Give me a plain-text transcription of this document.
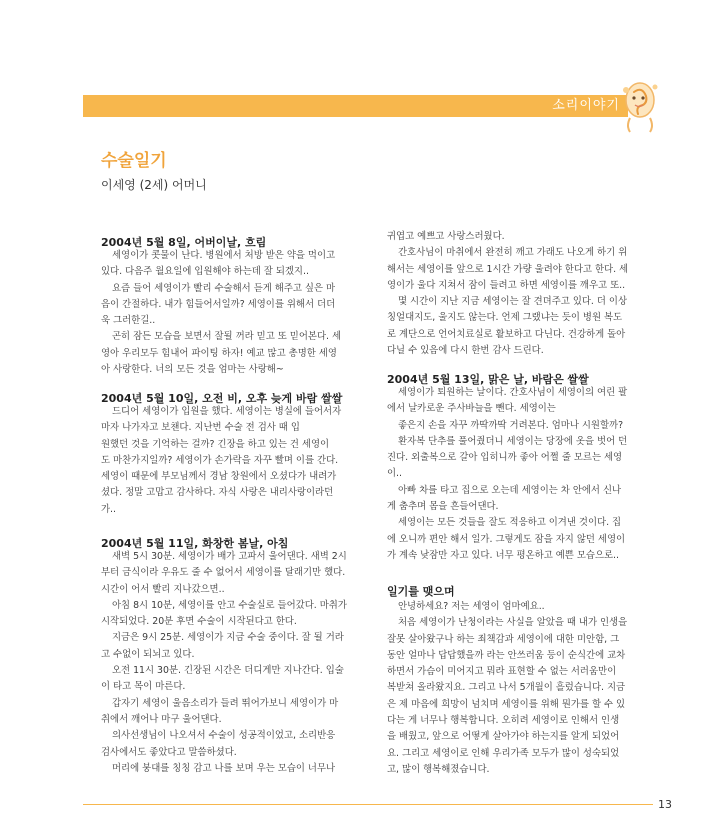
소리이야기
수술일기
이세영 (2세) 어머니
2004년 5월 8일, 어버이날, 흐림
세영이가 콧물이 난다. 병원에서 처방 받은 약을 먹이고
있다. 다음주 월요일에 입원해야 하는데 잘 되겠지..
요즘 들어 세영이가 빨리 수술해서 듣게 해주고 싶은 마
음이 간절하다. 내가 힘들어서일까? 세영이를 위해서 더더
욱 그러한길..
곤히 잠든 모습을 보면서 잘될 꺼라 믿고 또 믿어본다. 세
영아 우리모두 힘내어 파이팅 하자! 예교 많고 총명한 세영
아 사랑한다. 너의 모든 것을 엄마는 사랑해~
2004년 5월 10일, 오전 비, 오후 늦게 바람 쌀쌀
드디어 세영이가 입원을 했다. 세영이는 병실에 들어서자
마자 나가자고 보챈다. 지난번 수술 전 검사 때 입
원했던 것을 기억하는 걸까? 긴장을 하고 있는 건 세영이
도 마찬가지일까? 세영이가 손가락을 자꾸 빨며 이를 간다.
세영이 때문에 부모님께서 경남 창원에서 오셨다가 내려가
셨다. 정말 고맙고 감사하다. 자식 사랑은 내리사랑이라던
가..
2004년 5월 11일, 화창한 봄날, 아침
새벽 5시 30분. 세영이가 배가 고파서 울어댄다. 새벽 2시
부터 금식이라 우유도 줄 수 없어서 세영이를 달래기만 했다.
시간이 어서 빨리 지나갔으면..
아침 8시 10분, 세영이를 안고 수술실로 들어갔다. 마취가
시작되었다. 20분 후면 수술이 시작된다고 한다.
지금은 9시 25분. 세영이가 지금 수술 중이다. 잘 될 거라
고 수없이 되뇌고 있다.
오전 11시 30분. 긴장된 시간은 더디게만 지나간다. 입술
이 타고 목이 마른다.
갑자기 세영이 울음소리가 들려 뛰어가보니 세영이가 마
취에서 깨어나 마구 울어댄다.
의사선생님이 나오셔서 수술이 성공적이었고, 소리반응
검사에서도 좋았다고 말씀하셨다.
머리에 붕대를 칭칭 감고 나를 보며 우는 모습이 너무나
귀엽고 예쁘고 사랑스러웠다.
간호사님이 마취에서 완전히 깨고 가래도 나오게 하기 위
해서는 세영이를 앞으로 1시간 가량 울려야 한다고 한다. 세
영이가 울다 지쳐서 잠이 들려고 하면 세영이를 깨우고 또..
몇 시간이 지난 지금 세영이는 잘 견뎌주고 있다. 더 이상
칭얼대지도, 울지도 않는다. 언제 그랬냐는 듯이 병원 복도
로 계단으로 언어치료실로 활보하고 다닌다. 건강하게 돌아
다닐 수 있음에 다시 한번 감사 드린다.
2004년 5월 13일, 맑은 날, 바람은 쌀쌀
세영이가 퇴원하는 날이다. 간호사님이 세영이의 여린 팔
에서 날카로운 주사바늘을 뺀다. 세영이는
좋은지 손을 자꾸 까딱까딱 거려본다. 엄마나 시원할까?
환자복 단추를 풀어줬더니 세영이는 당장에 옷을 벗어 던
진다. 외출복으로 갈아 입히니까 좋아 어쩔 줄 모르는 세영
이..
아빠 차를 타고 집으로 오는데 세영이는 차 안에서 신나
게 춤추며 몸을 흔들어댄다.
세영이는 모든 것들을 잘도 적응하고 이겨낸 것이다. 집
에 오니까 편안 해서 일가. 그렇게도 잠을 자지 않던 세영이
가 계속 낮잠만 자고 있다. 너무 평온하고 예쁜 모습으로..
일기를 맺으며
안녕하세요? 저는 세영이 엄마예요..
처음 세영이가 난청이라는 사실을 알았을 때 내가 인생을
잘못 살아왔구나 하는 죄책감과 세영이에 대한 미안함, 그
동안 얼마나 답답했을까 라는 안쓰러움 등이 순식간에 교차
하면서 가슴이 미어지고 뭐라 표현할 수 없는 서러움만이
복받쳐 올라왔지요. 그리고 나서 5개월이 흘렀습니다. 지금
은 제 마음에 희망이 넘치며 세영이를 위해 뭔가를 할 수 있
다는 게 너무나 행복합니다. 오히려 세영이로 인해서 인생
을 배웠고, 앞으로 어떻게 살아가야 하는지를 알게 되었어
요. 그리고 세영이로 인해 우리가족 모두가 많이 성숙되었
고, 많이 행복해졌습니다.
13
